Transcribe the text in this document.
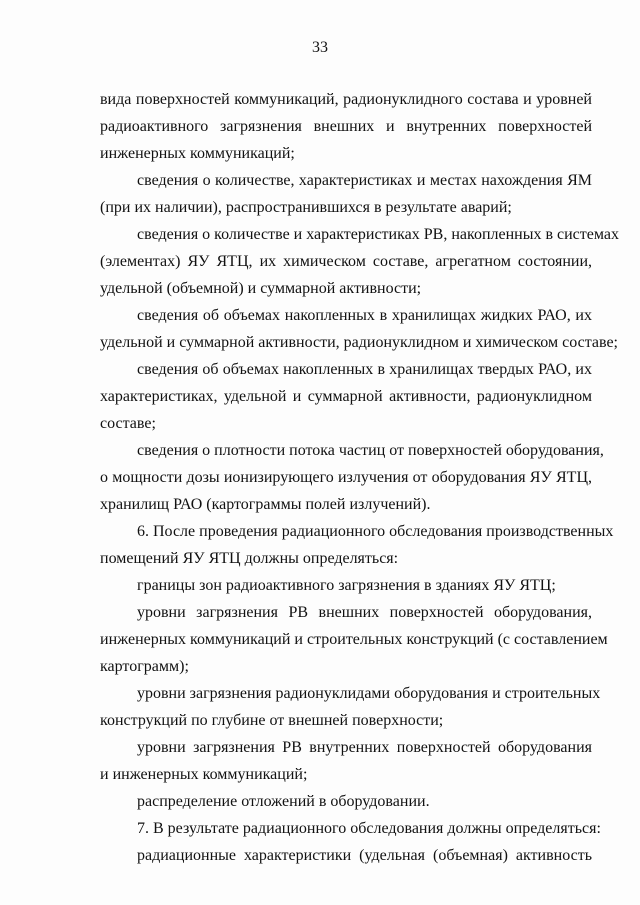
33
вида поверхностей коммуникаций, радионуклидного состава и уровней
радиоактивного загрязнения внешних и внутренних поверхностей
инженерных коммуникаций;
сведения о количестве, характеристиках и местах нахождения ЯМ
(при их наличии), распространившихся в результате аварий;
сведения о количестве и характеристиках РВ, накопленных в системах
(элементах) ЯУ ЯТЦ, их химическом составе, агрегатном состоянии,
удельной (объемной) и суммарной активности;
сведения об объемах накопленных в хранилищах жидких РАО, их
удельной и суммарной активности, радионуклидном и химическом составе;
сведения об объемах накопленных в хранилищах твердых РАО, их
характеристиках, удельной и суммарной активности, радионуклидном
составе;
сведения о плотности потока частиц от поверхностей оборудования,
о мощности дозы ионизирующего излучения от оборудования ЯУ ЯТЦ,
хранилищ РАО (картограммы полей излучений).
6. После проведения радиационного обследования производственных
помещений ЯУ ЯТЦ должны определяться:
границы зон радиоактивного загрязнения в зданиях ЯУ ЯТЦ;
уровни загрязнения РВ внешних поверхностей оборудования,
инженерных коммуникаций и строительных конструкций (с составлением
картограмм);
уровни загрязнения радионуклидами оборудования и строительных
конструкций по глубине от внешней поверхности;
уровни загрязнения РВ внутренних поверхностей оборудования
и инженерных коммуникаций;
распределение отложений в оборудовании.
7. В результате радиационного обследования должны определяться:
радиационные характеристики (удельная (объемная) активность
